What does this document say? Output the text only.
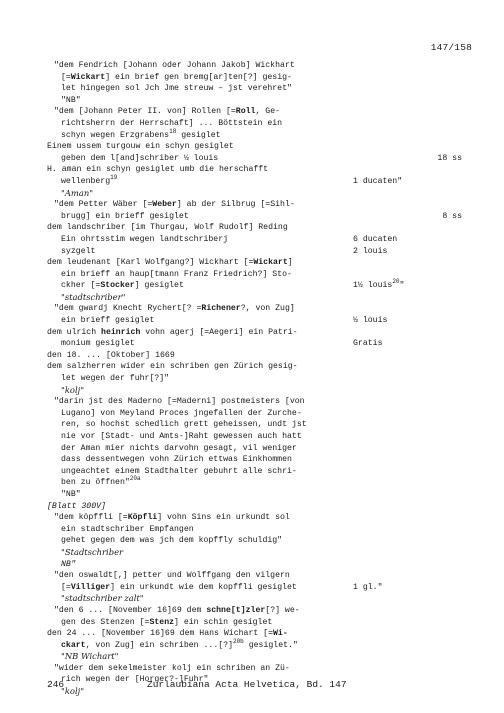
147/158
"dem Fendrich [Johann oder Johann Jakob] Wickhart
[=Wickart] ein brief gen bremg[ar]ten[?] gesig-
let hingegen sol Jch Jme streuw – jst verehret"
"NB"
"dem [Johann Peter II. von] Rollen [=Roll, Ge-
richtsherrn der Herrschaft] ... Böttstein ein
schyn wegen Erzgrabens$^{18}$ gesiglet
Einem ussem turgouw ein schyn gesiglet
geben dem l[and]schriber ½ louis	18 ss
H. aman ein schyn gesiglet umb die herschafft
wellenberg$^{19}$	1 ducaten"
"Aman"
"dem Petter Wäber [=Weber] ab der Silbrug [=Sihl-
brugg] ein brieff gesiglet	8 ss
dem landschriber [im Thurgau, Wolf Rudolf] Reding
Ein ohrtsstim wegen landtschriberj	6 ducaten
syzgelt	2 louis
dem leudenant [Karl Wolfgang?] Wickhart [=Wickart]
ein brieff an haup[tmann Franz Friedrich?] Sto-
ckher [=Stocker] gesiglet	1½ louis$^{20}$"
"stadtschriber"
"dem gwardj Knecht Rychert[? =Richener?, von Zug]
ein brieff gesiglet	½ louis
dem ulrich heinrich vohn agerj [=Aegeri] ein Patri-
monium gesiglet	Gratis
den 18. ... [Oktober] 1669
dem salzherren wider ein schriben gen Zürich gesig-
let wegen der fuhr[?]"
"kolj"
"darin jst des Maderno [=Maderni] postmeisters [von
Lugano] von Meyland Proces jngefallen der Zurche-
ren, so hochst schedlich grett geheissen, undt jst
nie vor [Stadt- und Amts-]Raht gewessen auch hatt
der Aman mier nichts darvohn gesagt, vil weniger
dass dessentwegen vohn Zürich ettwas Einkhommen
ungeachtet einem Stadthalter gebuhrt alle schri-
ben zu öffnen"$^{20a}$
"NB"
[Blatt 300V]
"dem köpffli [=Köpfli] vohn Sins ein urkundt sol
ein stadtschriber Empfangen
gehet gegen dem was jch dem kopffly schuldig"
"Stadtschriber
NB"
"den oswaldt[,] petter und Wolffgang den vilgern
[=Villiger] ein urkundt wie dem kopffli gesiglet	1 gl."
"stadtschriber zalt"
"den 6 ... [November 16]69 dem schne[t]zler[?] we-
gen des Stenzen [=Stenz] ein schin gesiglet
den 24 ... [November 16]69 dem Hans Wichart [=Wi-
ckart, von Zug] ein schriben ...[?]$^{20b}$ gesiglet."
"NB Wichart"
"wider dem sekelmeister kolj ein schriben an Zü-
rich wegen der [Horger?-]Fuhr"
"kolj"
246	Zurlaubiana Acta Helvetica, Bd. 147
